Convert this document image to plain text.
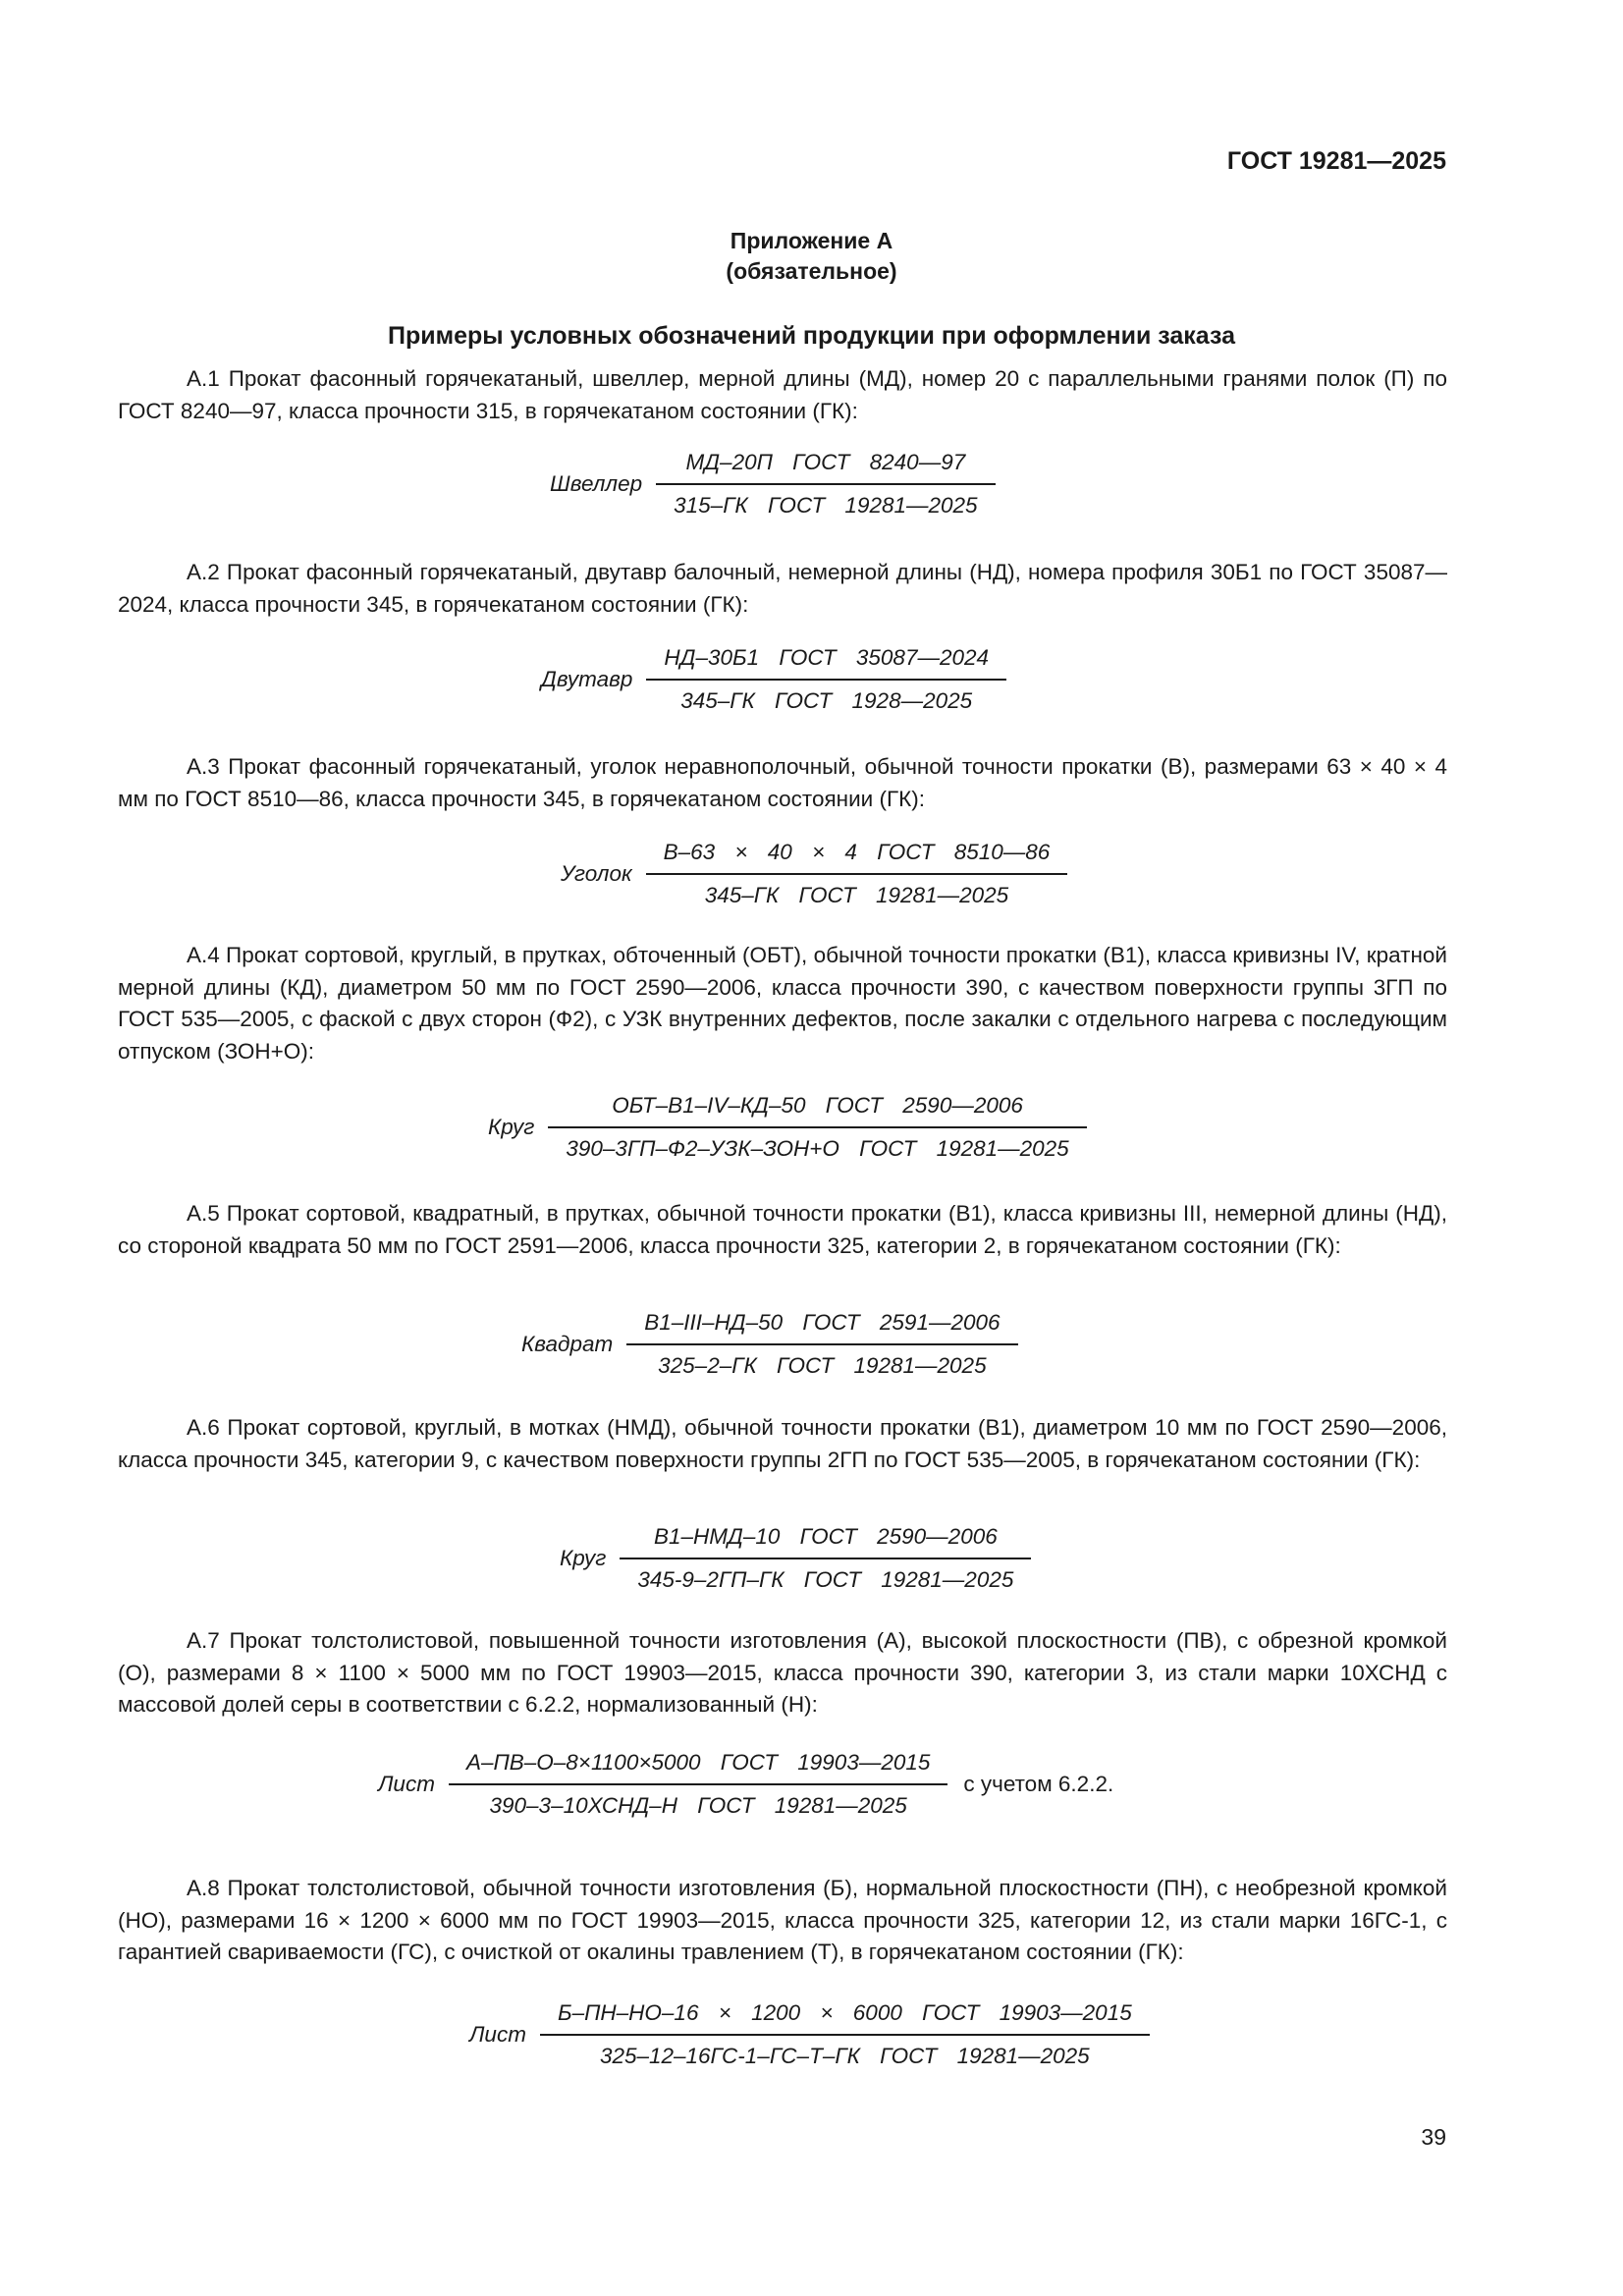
ГОСТ 19281—2025
Приложение А
(обязательное)
Примеры условных обозначений продукции при оформлении заказа

А.1 Прокат фасонный горячекатаный, швеллер, мерной длины (МД), номер 20 с параллельными гранями полок (П) по ГОСТ 8240—97, класса прочности 315, в горячекатаном состоянии (ГК):

Швеллер $\frac{\text{МД–20П ГОСТ 8240—97}}{\text{315–ГК ГОСТ 19281—2025}}$

А.2 Прокат фасонный горячекатаный, двутавр балочный, немерной длины (НД), номера профиля 30Б1 по ГОСТ 35087—2024, класса прочности 345, в горячекатаном состоянии (ГК):

Двутавр $\frac{\text{НД–30Б1 ГОСТ 35087—2024}}{\text{345–ГК ГОСТ 1928—2025}}$

А.3 Прокат фасонный горячекатаный, уголок неравнополочный, обычной точности прокатки (В), размерами 63 × 40 × 4 мм по ГОСТ 8510—86, класса прочности 345, в горячекатаном состоянии (ГК):

Уголок $\frac{\text{В–63 × 40 × 4 ГОСТ 8510—86}}{\text{345–ГК ГОСТ 19281—2025}}$

А.4 Прокат сортовой, круглый, в прутках, обточенный (ОБТ), обычной точности прокатки (В1), класса кривизны IV, кратной мерной длины (КД), диаметром 50 мм по ГОСТ 2590—2006, класса прочности 390, с качеством поверхности группы 3ГП по ГОСТ 535—2005, с фаской с двух сторон (Ф2), с УЗК внутренних дефектов, после закалки с отдельного нагрева с последующим отпуском (ЗОН+О):

Круг $\frac{\text{ОБТ–В1–IV–КД–50 ГОСТ 2590—2006}}{\text{390–3ГП–Ф2–УЗК–ЗОН+О ГОСТ 19281—2025}}$

А.5 Прокат сортовой, квадратный, в прутках, обычной точности прокатки (В1), класса кривизны III, немерной длины (НД), со стороной квадрата 50 мм по ГОСТ 2591—2006, класса прочности 325, категории 2, в горячекатаном состоянии (ГК):

Квадрат $\frac{\text{В1–III–НД–50 ГОСТ 2591—2006}}{\text{325–2–ГК ГОСТ 19281—2025}}$

А.6 Прокат сортовой, круглый, в мотках (НМД), обычной точности прокатки (В1), диаметром 10 мм по ГОСТ 2590—2006, класса прочности 345, категории 9, с качеством поверхности группы 2ГП по ГОСТ 535—2005, в горячекатаном состоянии (ГК):

Круг $\frac{\text{В1–НМД–10 ГОСТ 2590—2006}}{\text{345-9–2ГП–ГК ГОСТ 19281—2025}}$

А.7 Прокат толстолистовой, повышенной точности изготовления (А), высокой плоскостности (ПВ), с обрезной кромкой (О), размерами 8 × 1100 × 5000 мм по ГОСТ 19903—2015, класса прочности 390, категории 3, из стали марки 10ХСНД с массовой долей серы в соответствии с 6.2.2, нормализованный (Н):

Лист $\frac{\text{А–ПВ–О–8×1100×5000 ГОСТ 19903—2015}}{\text{390–3–10ХСНД–Н ГОСТ 19281—2025}}$ с учетом 6.2.2.

А.8 Прокат толстолистовой, обычной точности изготовления (Б), нормальной плоскостности (ПН), с необрезной кромкой (НО), размерами 16 × 1200 × 6000 мм по ГОСТ 19903—2015, класса прочности 325, категории 12, из стали марки 16ГС-1, с гарантией свариваемости (ГС), с очисткой от окалины травлением (Т), в горячекатаном состоянии (ГК):

Лист $\frac{\text{Б–ПН–НО–16 × 1200 × 6000 ГОСТ 19903—2015}}{\text{325–12–16ГС-1–ГС–Т–ГК ГОСТ 19281—2025}}$
39
